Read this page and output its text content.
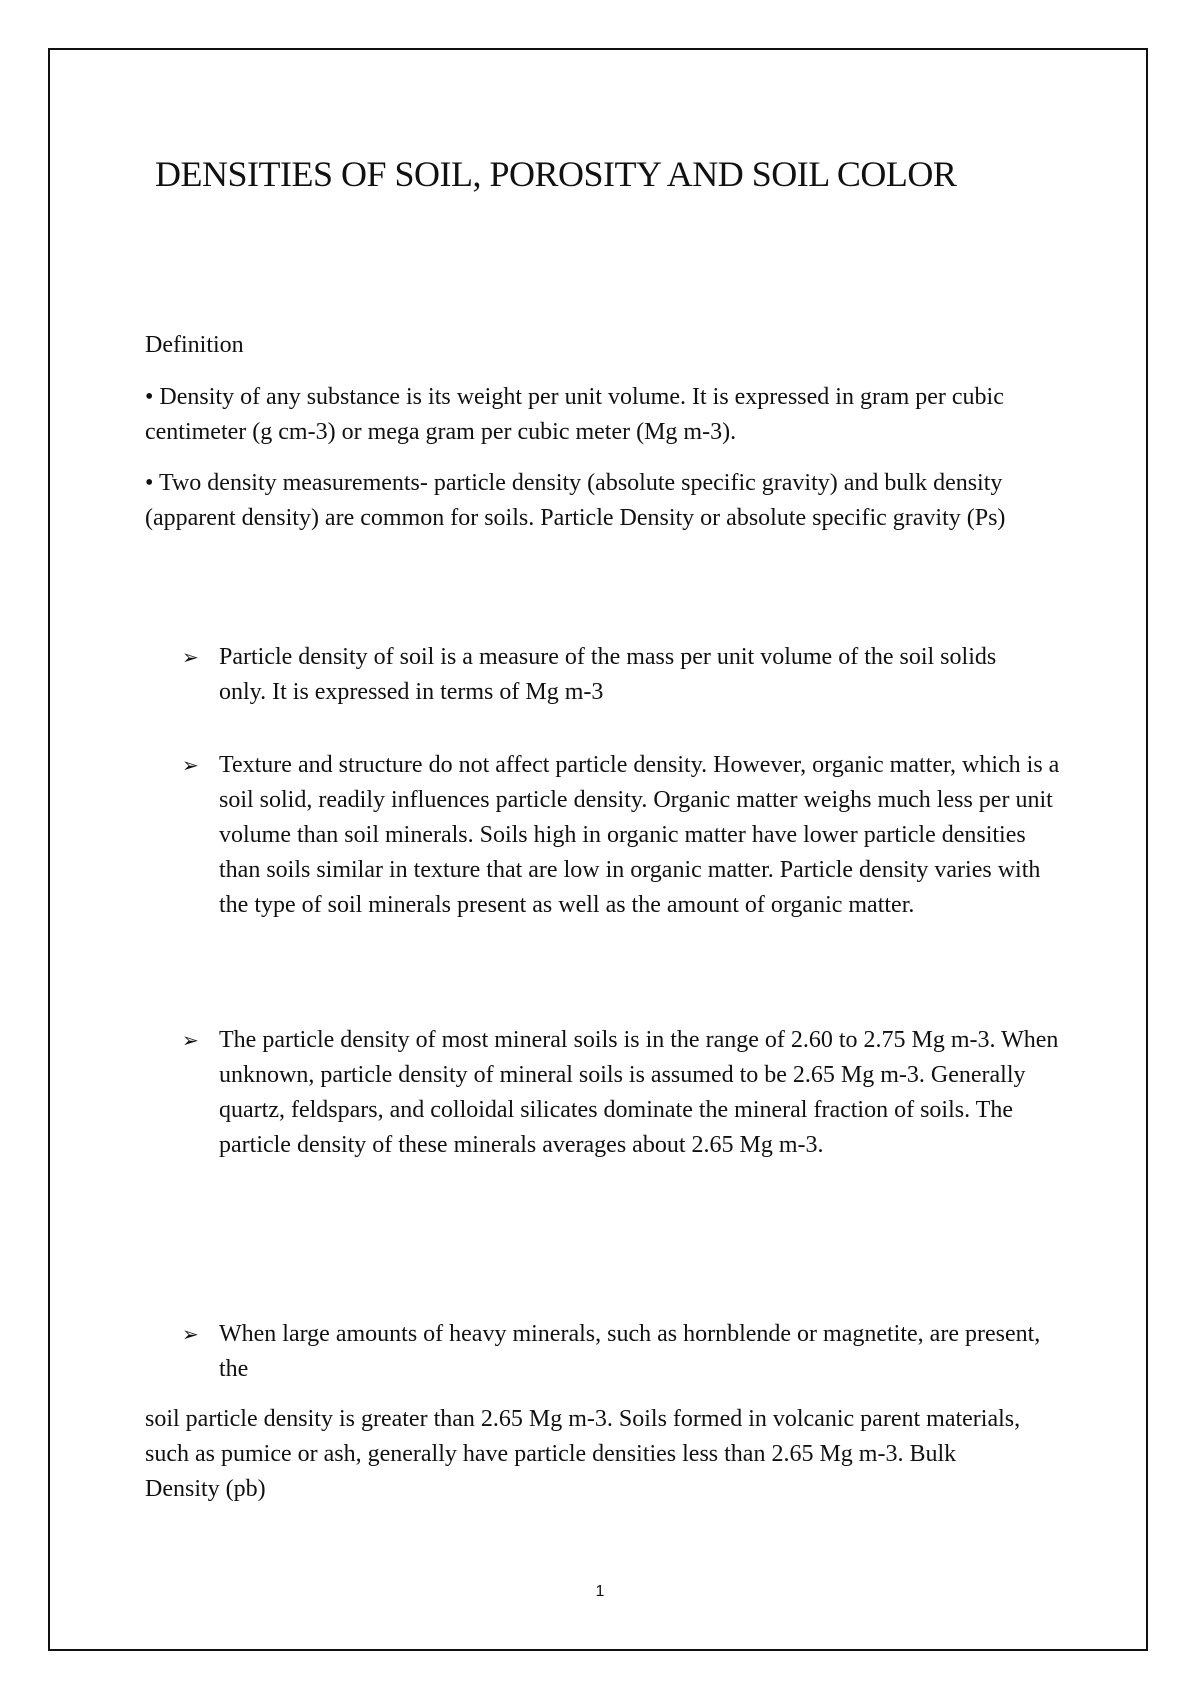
DENSITIES OF SOIL, POROSITY AND SOIL COLOR

Definition

• Density of any substance is its weight per unit volume. It is expressed in gram per cubic centimeter (g cm-3) or mega gram per cubic meter (Mg m-3).

• Two density measurements- particle density (absolute specific gravity) and bulk density (apparent density) are common for soils. Particle Density or absolute specific gravity (Ps)

➢ Particle density of soil is a measure of the mass per unit volume of the soil solids only. It is expressed in terms of Mg m-3
➢ Texture and structure do not affect particle density. However, organic matter, which is a soil solid, readily influences particle density. Organic matter weighs much less per unit volume than soil minerals. Soils high in organic matter have lower particle densities than soils similar in texture that are low in organic matter. Particle density varies with the type of soil minerals present as well as the amount of organic matter.
➢ The particle density of most mineral soils is in the range of 2.60 to 2.75 Mg m-3. When unknown, particle density of mineral soils is assumed to be 2.65 Mg m-3. Generally quartz, feldspars, and colloidal silicates dominate the mineral fraction of soils. The particle density of these minerals averages about 2.65 Mg m-3.
➢ When large amounts of heavy minerals, such as hornblende or magnetite, are present, the

soil particle density is greater than 2.65 Mg m-3. Soils formed in volcanic parent materials, such as pumice or ash, generally have particle densities less than 2.65 Mg m-3. Bulk Density (pb)

1
